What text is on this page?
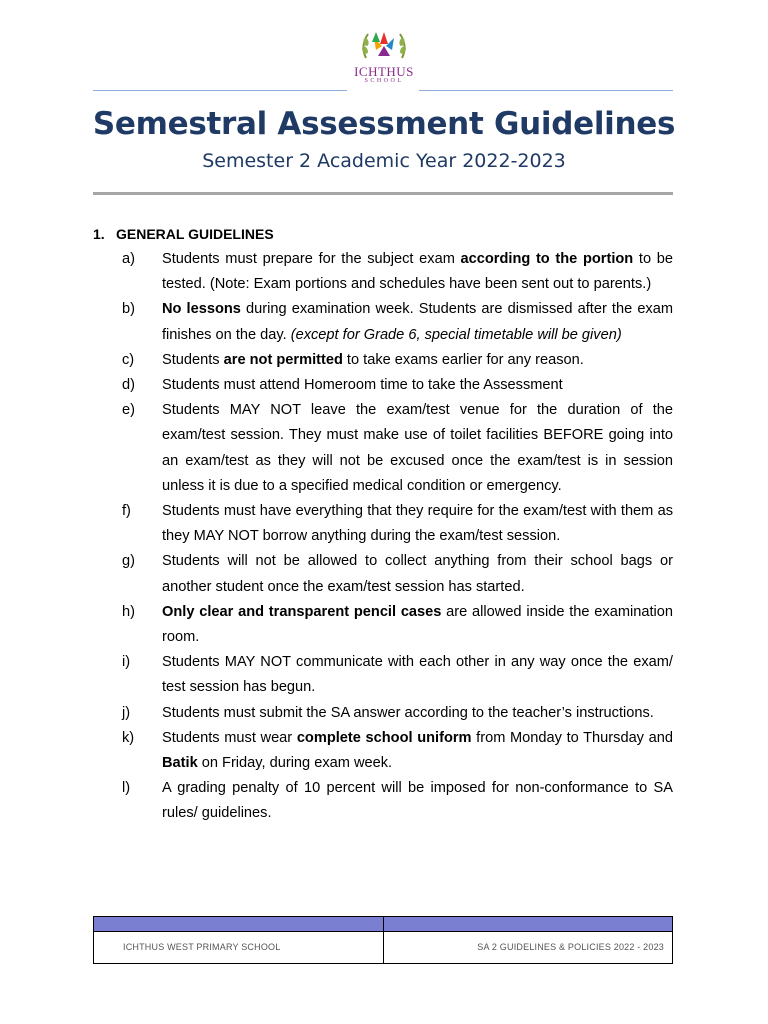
ICHTHUS
SCHOOL
Semestral Assessment Guidelines
Semester 2 Academic Year 2022-2023
1. GENERAL GUIDELINES
a)	Students must prepare for the subject exam according to the portion to be tested. (Note: Exam portions and schedules have been sent out to parents.)
b)	No lessons during examination week. Students are dismissed after the exam finishes on the day. (except for Grade 6, special timetable will be given)
c)	Students are not permitted to take exams earlier for any reason.
d)	Students must attend Homeroom time to take the Assessment
e)	Students MAY NOT leave the exam/test venue for the duration of the exam/test session. They must make use of toilet facilities BEFORE going into an exam/test as they will not be excused once the exam/test is in session unless it is due to a specified medical condition or emergency.
f)	Students must have everything that they require for the exam/test with them as they MAY NOT borrow anything during the exam/test session.
g)	Students will not be allowed to collect anything from their school bags or another student once the exam/test session has started.
h)	Only clear and transparent pencil cases are allowed inside the examination room.
i)	Students MAY NOT communicate with each other in any way once the exam/ test session has begun.
j)	Students must submit the SA answer according to the teacher’s instructions.
k)	Students must wear complete school uniform from Monday to Thursday and Batik on Friday, during exam week.
l)	A grading penalty of 10 percent will be imposed for non-conformance to SA rules/ guidelines.
ICHTHUS WEST PRIMARY SCHOOL	SA 2 GUIDELINES & POLICIES 2022 - 2023
